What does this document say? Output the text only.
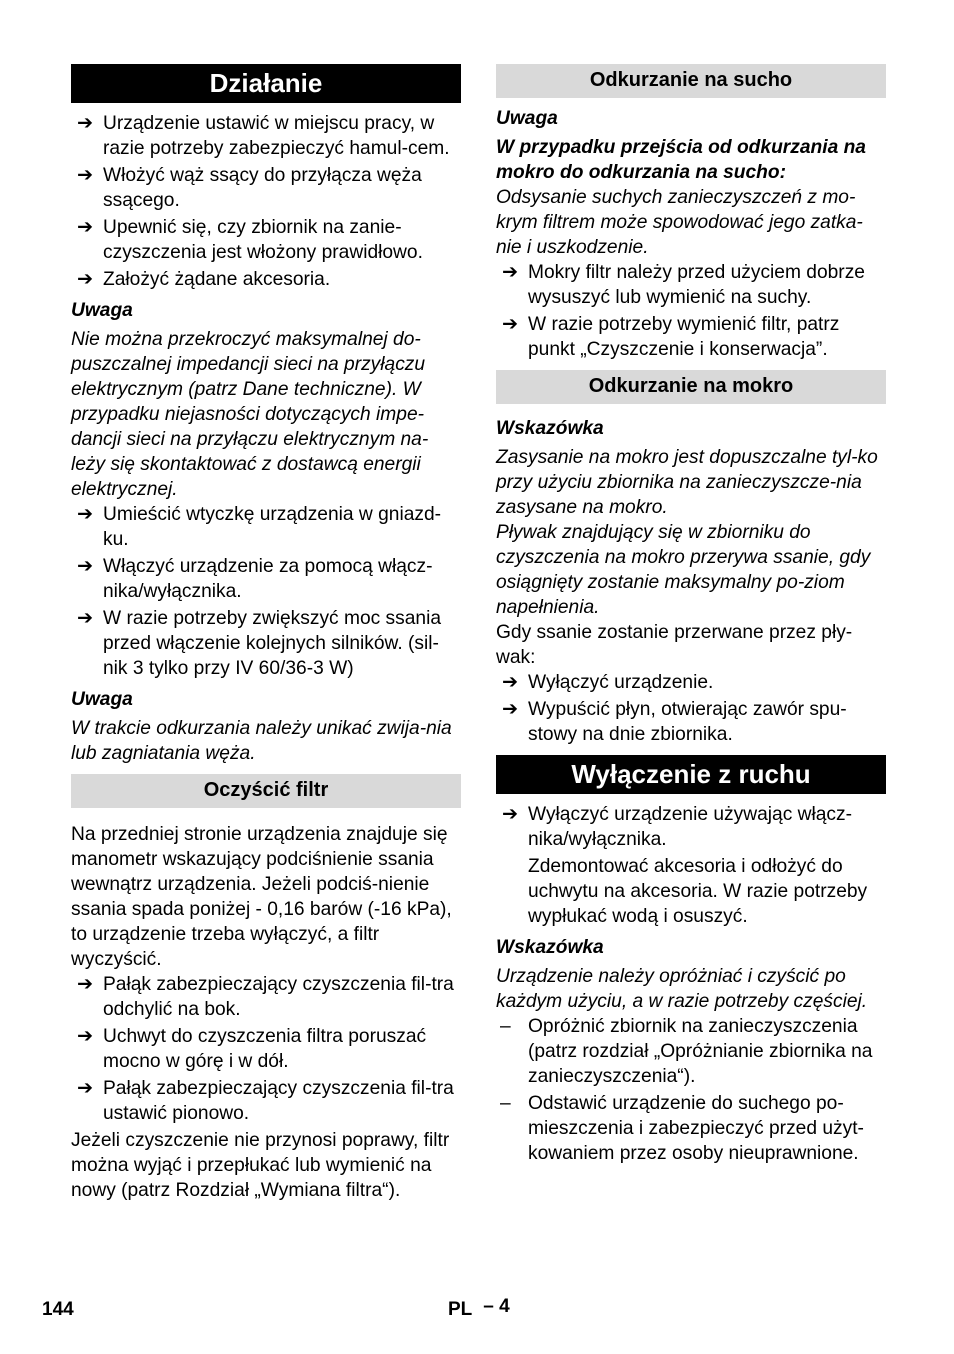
Działanie
➔ Urządzenie ustawić w miejscu pracy, w razie potrzeby zabezpieczyć hamul-cem.
➔ Włożyć wąż ssący do przyłącza węża ssącego.
➔ Upewnić się, czy zbiornik na zanie-czyszczenia jest włożony prawidłowo.
➔ Założyć żądane akcesoria.
Uwaga

Nie można przekroczyć maksymalnej do-puszczalnej impedancji sieci na przyłączu elektrycznym (patrz Dane techniczne). W przypadku niejasności dotyczących impe-dancji sieci na przyłączu elektrycznym na-leży się skontaktować z dostawcą energii elektrycznej.

➔ Umieścić wtyczkę urządzenia w gniazd-ku.
➔ Włączyć urządzenie za pomocą włącz-nika/wyłącznika.
➔ W razie potrzeby zwiększyć moc ssania przed włączenie kolejnych silników. (sil-nik 3 tylko przy IV 60/36-3 W)
Uwaga

W trakcie odkurzania należy unikać zwija-nia lub zagniatania węża.

Oczyścić filtr

Na przedniej stronie urządzenia znajduje się manometr wskazujący podciśnienie ssania wewnątrz urządzenia. Jeżeli podciś-nienie ssania spada poniżej - 0,16 barów (-16 kPa), to urządzenie trzeba wyłączyć, a filtr wyczyścić.

➔ Pałąk zabezpieczający czyszczenia fil-tra odchylić na bok.
➔ Uchwyt do czyszczenia filtra poruszać mocno w górę i w dół.
➔ Pałąk zabezpieczający czyszczenia fil-tra ustawić pionowo.

Jeżeli czyszczenie nie przynosi poprawy, filtr można wyjąć i przepłukać lub wymienić na nowy (patrz Rozdział „Wymiana filtra“).

Odkurzanie na sucho
Uwaga

W przypadku przejścia od odkurzania na mokro do odkurzania na sucho:

Odsysanie suchych zanieczyszczeń z mo-krym filtrem może spowodować jego zatka-nie i uszkodzenie.

➔ Mokry filtr należy przed użyciem dobrze wysuszyć lub wymienić na suchy.
➔ W razie potrzeby wymienić filtr, patrz punkt „Czyszczenie i konserwacja”.
Odkurzanie na mokro
Wskazówka

Zasysanie na mokro jest dopuszczalne tyl-ko przy użyciu zbiornika na zanieczyszcze-nia zasysane na mokro.

Pływak znajdujący się w zbiorniku do czyszczenia na mokro przerywa ssanie, gdy osiągnięty zostanie maksymalny po-ziom napełnienia.

Gdy ssanie zostanie przerwane przez pły-wak:

➔ Wyłączyć urządzenie.
➔ Wypuścić płyn, otwierając zawór spu-stowy na dnie zbiornika.
Wyłączenie z ruchu
➔ Wyłączyć urządzenie używając włącz-nika/wyłącznika.

Zdemontować akcesoria i odłożyć do uchwytu na akcesoria. W razie potrzeby wypłukać wodą i osuszyć.

Wskazówka

Urządzenie należy opróżniać i czyścić po każdym użyciu, a w razie potrzeby częściej.

– Opróżnić zbiornik na zanieczyszczenia (patrz rozdział „Opróżnianie zbiornika na zanieczyszczenia“).
– Odstawić urządzenie do suchego po-mieszczenia i zabezpieczyć przed użyt-kowaniem przez osoby nieuprawnione.
144	PL – 4
